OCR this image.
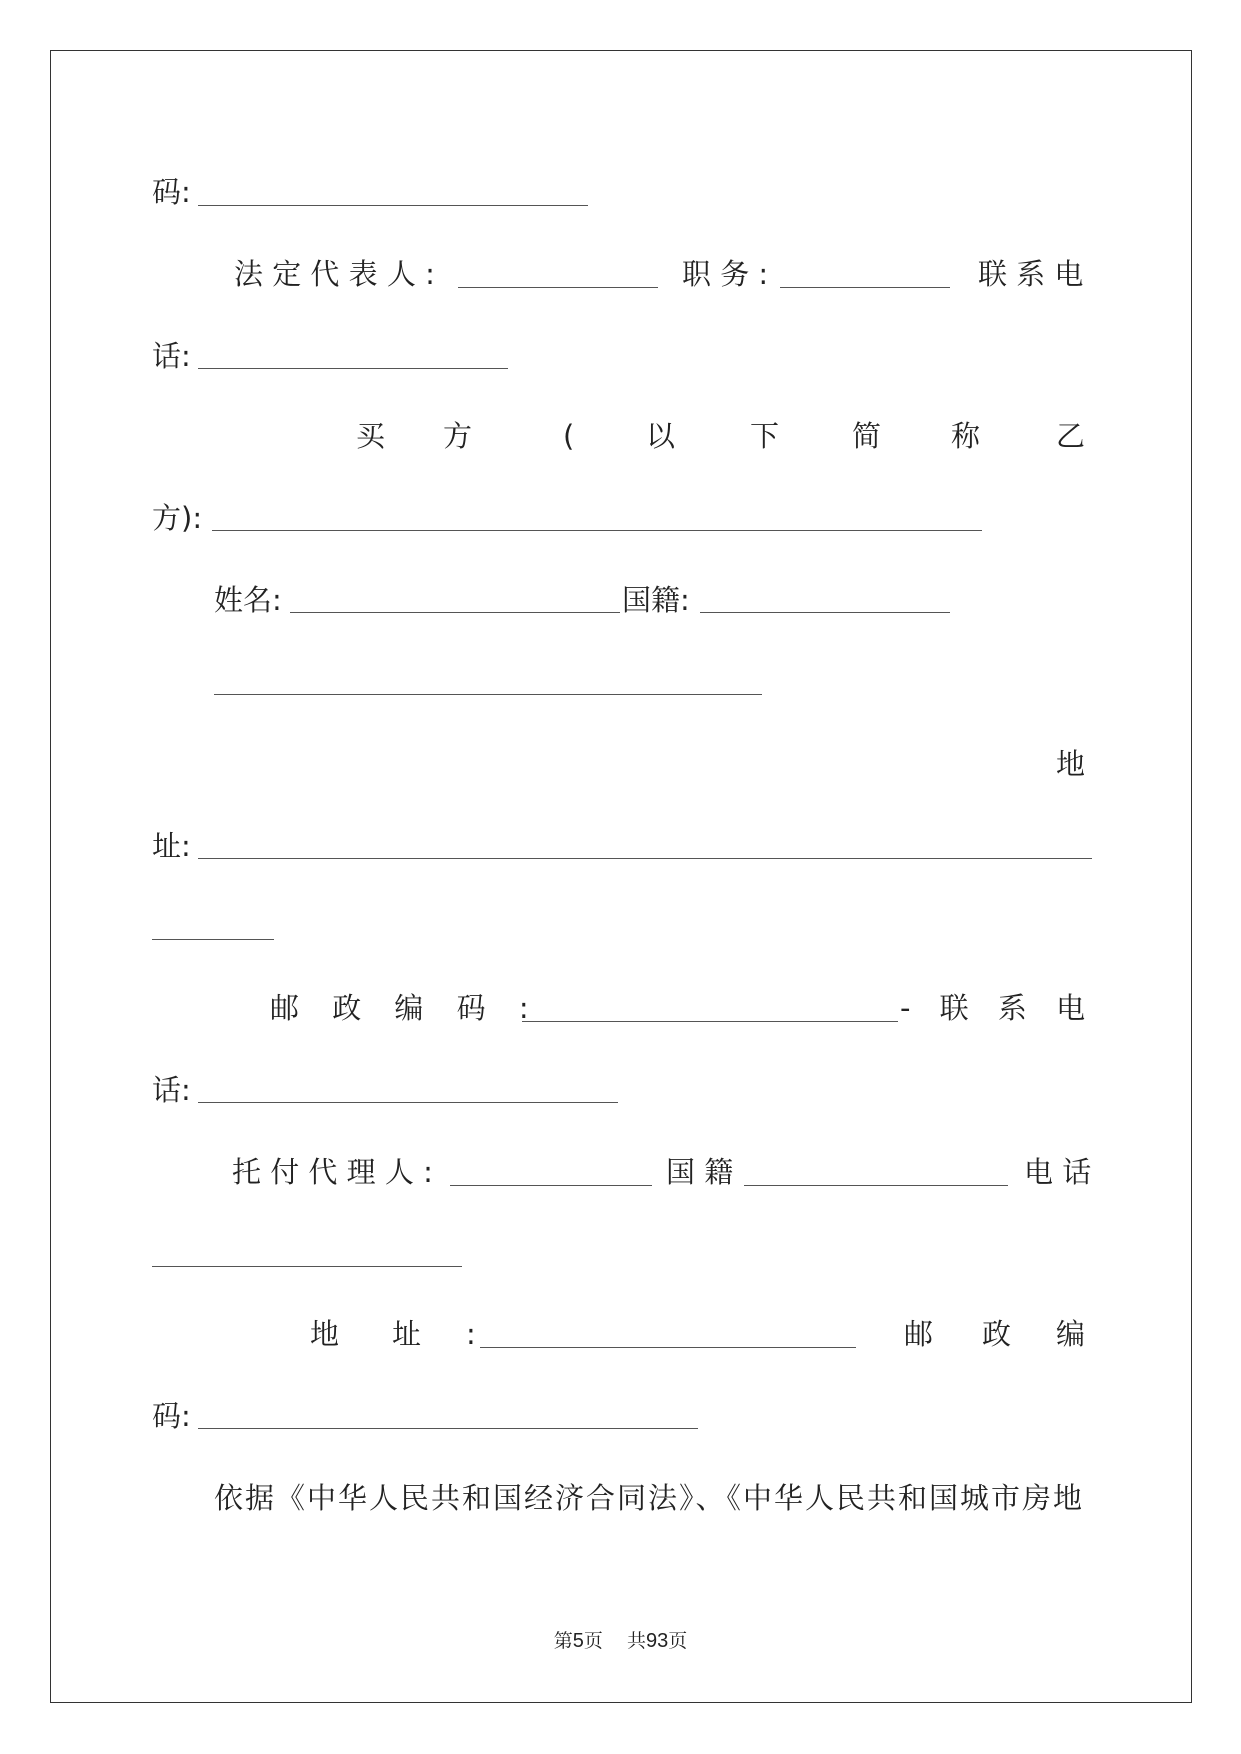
码:
法 定 代 表 人 :	职 务 :	联 系 电
话:
买 方	( 以	下	简 称	乙
方):
姓名:	国籍:
地
址:
邮 政 编 码 :	- 联 系 电
话:
托 付 代 理 人 :	国 籍	电 话
地 址 :	邮 政 编
码:
依据《中华人民共和国经济合同法》、《中华人民共和国城市房地
第5页 共93页
